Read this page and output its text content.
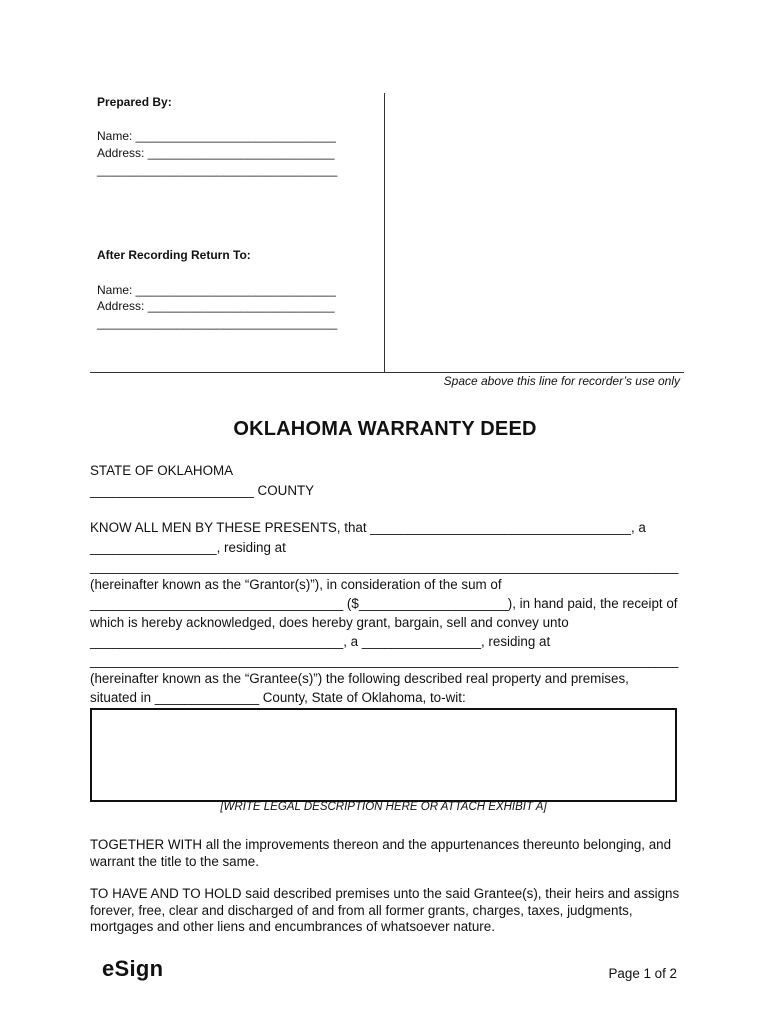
Prepared By:
Name: ______________________________
Address: ____________________________
____________________________________
After Recording Return To:
Name: ______________________________
Address: ____________________________
____________________________________
Space above this line for recorder’s use only
OKLAHOMA WARRANTY DEED
STATE OF OKLAHOMA
______________________ COUNTY
KNOW ALL MEN BY THESE PRESENTS, that ___________________________________, a
_________________, residing at
_______________________________________________________________________________
(hereinafter known as the “Grantor(s)”), in consideration of the sum of
__________________________________ ($____________________), in hand paid, the receipt of
which is hereby acknowledged, does hereby grant, bargain, sell and convey unto
__________________________________, a ________________, residing at
_______________________________________________________________________________
(hereinafter known as the “Grantee(s)”) the following described real property and premises,
situated in ______________ County, State of Oklahoma, to-wit:
[WRITE LEGAL DESCRIPTION HERE OR ATTACH EXHIBIT A]
TOGETHER WITH all the improvements thereon and the appurtenances thereunto belonging, and warrant the title to the same.
TO HAVE AND TO HOLD said described premises unto the said Grantee(s), their heirs and assigns forever, free, clear and discharged of and from all former grants, charges, taxes, judgments, mortgages and other liens and encumbrances of whatsoever nature.
eSign	Page 1 of 2
